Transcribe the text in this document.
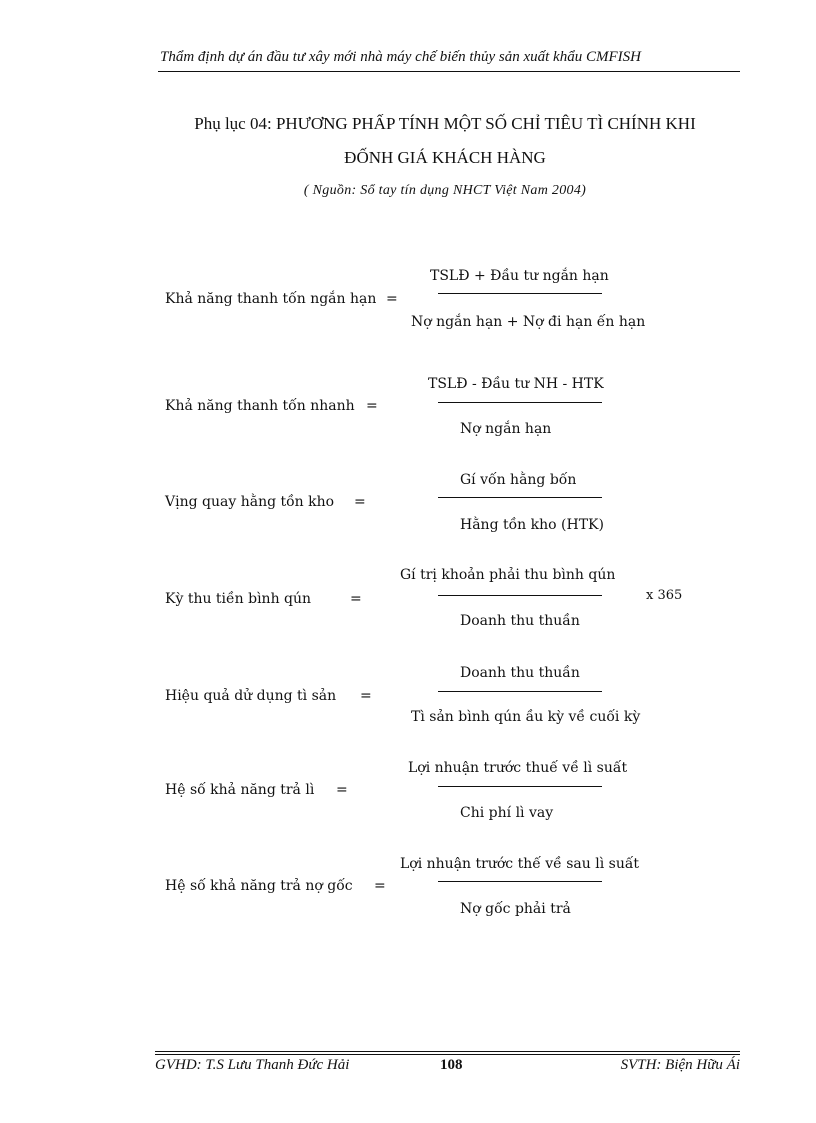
Thẩm định dự án đầu tư xây mới nhà máy chế biến thủy sản xuất khẩu CMFISH
Phụ lục 04: PHƯƠNG PHẤP TÍNH MỘT SỐ CHỈ TIÊU TÌ CHÍNH KHI
ĐỐNH GIÁ KHÁCH HÀNG
( Nguồn: Sổ tay tín dụng NHCT Việt Nam 2004)
TSLĐ + Đầu tư ngắn hạn
Khả năng thanh tốn ngắn hạn =
Nợ ngắn hạn + Nợ đi hạn ến hạn
TSLĐ - Đầu tư NH - HTK
Khả năng thanh tốn nhanh =
Nợ ngắn hạn
Gí vốn hằng bốn
Vịng quay hằng tồn kho =
Hằng tồn kho (HTK)
Gí trị khoản phải thu bình qún
Kỳ thu tiền bình qún	=	x 365
Doanh thu thuần
Doanh thu thuần
Hiệu quả dử dụng tì sản =
Tì sản bình qún ầu kỳ về cuối kỳ
Lợi nhuận trước thuế về lì suất
Hệ số khả năng trả lì =
Chi phí lì vay
Lợi nhuận trước thế về sau lì suất
Hệ số khả năng trả nợ gốc =
Nợ gốc phải trả
GVHD: T.S Lưu Thanh Đức Hải	108	SVTH: Biện Hữu Ái
